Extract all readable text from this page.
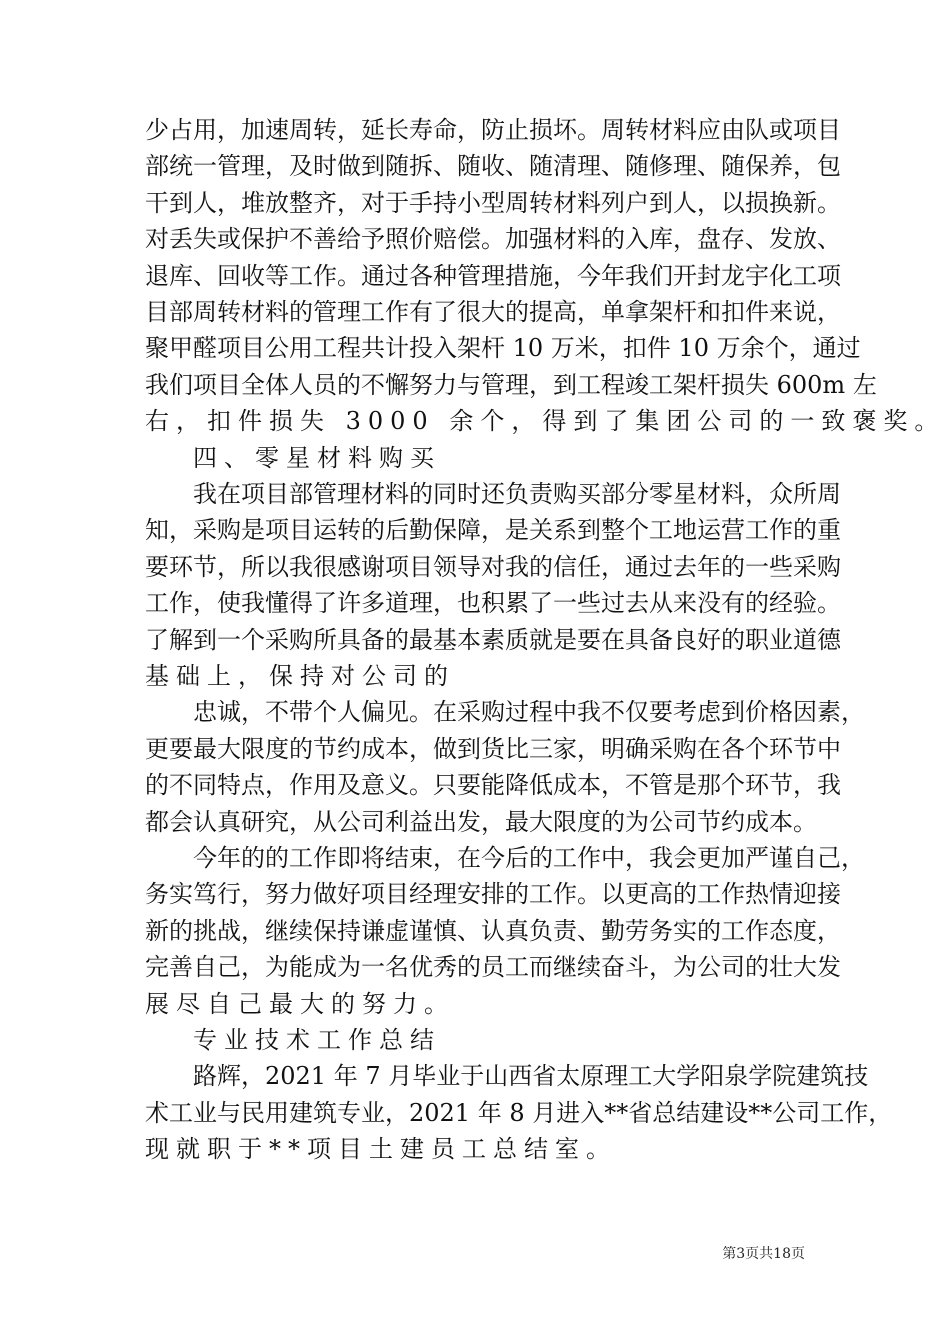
少占用，加速周转，延长寿命，防止损坏。周转材料应由队或项目
部统一管理，及时做到随拆、随收、随清理、随修理、随保养，包
干到人，堆放整齐，对于手持小型周转材料列户到人，以损换新。
对丢失或保护不善给予照价赔偿。加强材料的入库，盘存、发放、
退库、回收等工作。通过各种管理措施，今年我们开封龙宇化工项
目部周转材料的管理工作有了很大的提高，单拿架杆和扣件来说，
聚甲醛项目公用工程共计投入架杆 10 万米，扣件 10 万余个，通过
我们项目全体人员的不懈努力与管理，到工程竣工架杆损失 600m 左
右，扣件损失 3000 余个，得到了集团公司的一致褒奖。
四、零星材料购买
我在项目部管理材料的同时还负责购买部分零星材料，众所周
知，采购是项目运转的后勤保障，是关系到整个工地运营工作的重
要环节，所以我很感谢项目领导对我的信任，通过去年的一些采购
工作，使我懂得了许多道理，也积累了一些过去从来没有的经验。
了解到一个采购所具备的最基本素质就是要在具备良好的职业道德
基础上，保持对公司的
忠诚，不带个人偏见。在采购过程中我不仅要考虑到价格因素，
更要最大限度的节约成本，做到货比三家，明确采购在各个环节中
的不同特点，作用及意义。只要能降低成本，不管是那个环节，我
都会认真研究，从公司利益出发，最大限度的为公司节约成本。
今年的的工作即将结束，在今后的工作中，我会更加严谨自己，
务实笃行，努力做好项目经理安排的工作。以更高的工作热情迎接
新的挑战，继续保持谦虚谨慎、认真负责、勤劳务实的工作态度，
完善自己，为能成为一名优秀的员工而继续奋斗，为公司的壮大发
展尽自己最大的努力。
专业技术工作总结
路辉，2021 年 7 月毕业于山西省太原理工大学阳泉学院建筑技
术工业与民用建筑专业，2021 年 8 月进入**省总结建设**公司工作，
现就职于**项目土建员工总结室。
第3页共18页
